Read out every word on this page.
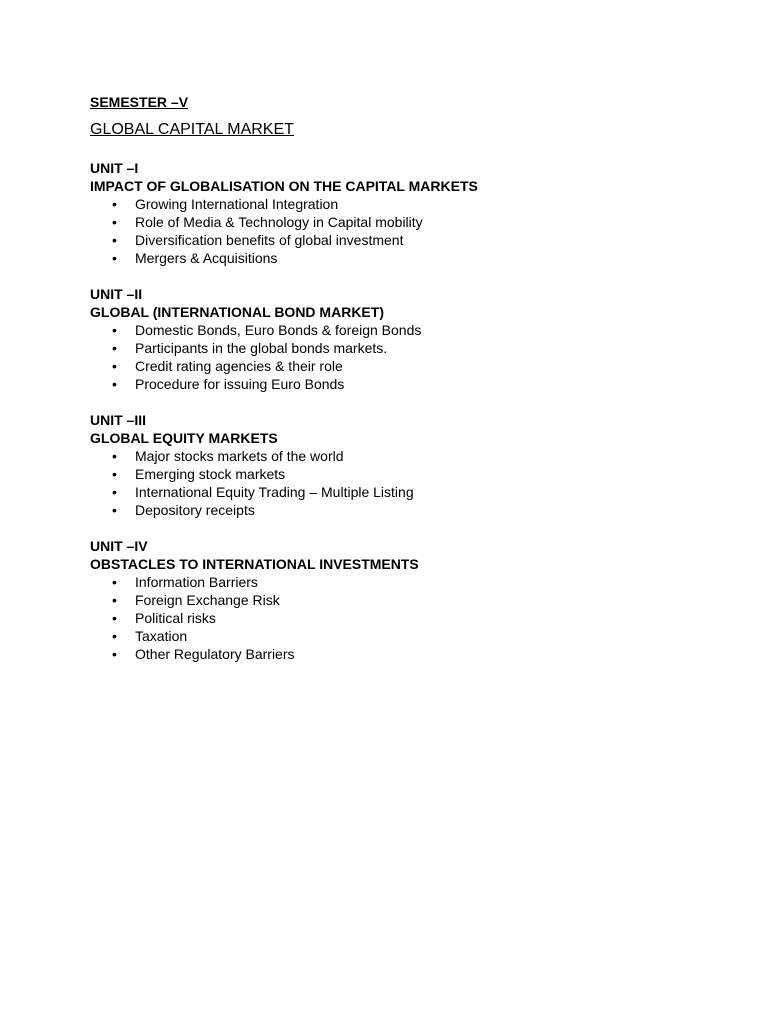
SEMESTER –V

GLOBAL CAPITAL MARKET

UNIT –I

IMPACT OF GLOBALISATION ON THE CAPITAL MARKETS

• Growing International Integration
• Role of Media & Technology in Capital mobility
• Diversification benefits of global investment
• Mergers & Acquisitions

UNIT –II

GLOBAL (INTERNATIONAL BOND MARKET)

• Domestic Bonds, Euro Bonds & foreign Bonds
• Participants in the global bonds markets.
• Credit rating agencies & their role
• Procedure for issuing Euro Bonds

UNIT –III

GLOBAL EQUITY MARKETS

• Major stocks markets of the world
• Emerging stock markets
• International Equity Trading – Multiple Listing
• Depository receipts

UNIT –IV

OBSTACLES TO INTERNATIONAL INVESTMENTS

• Information Barriers
• Foreign Exchange Risk
• Political risks
• Taxation
• Other Regulatory Barriers
